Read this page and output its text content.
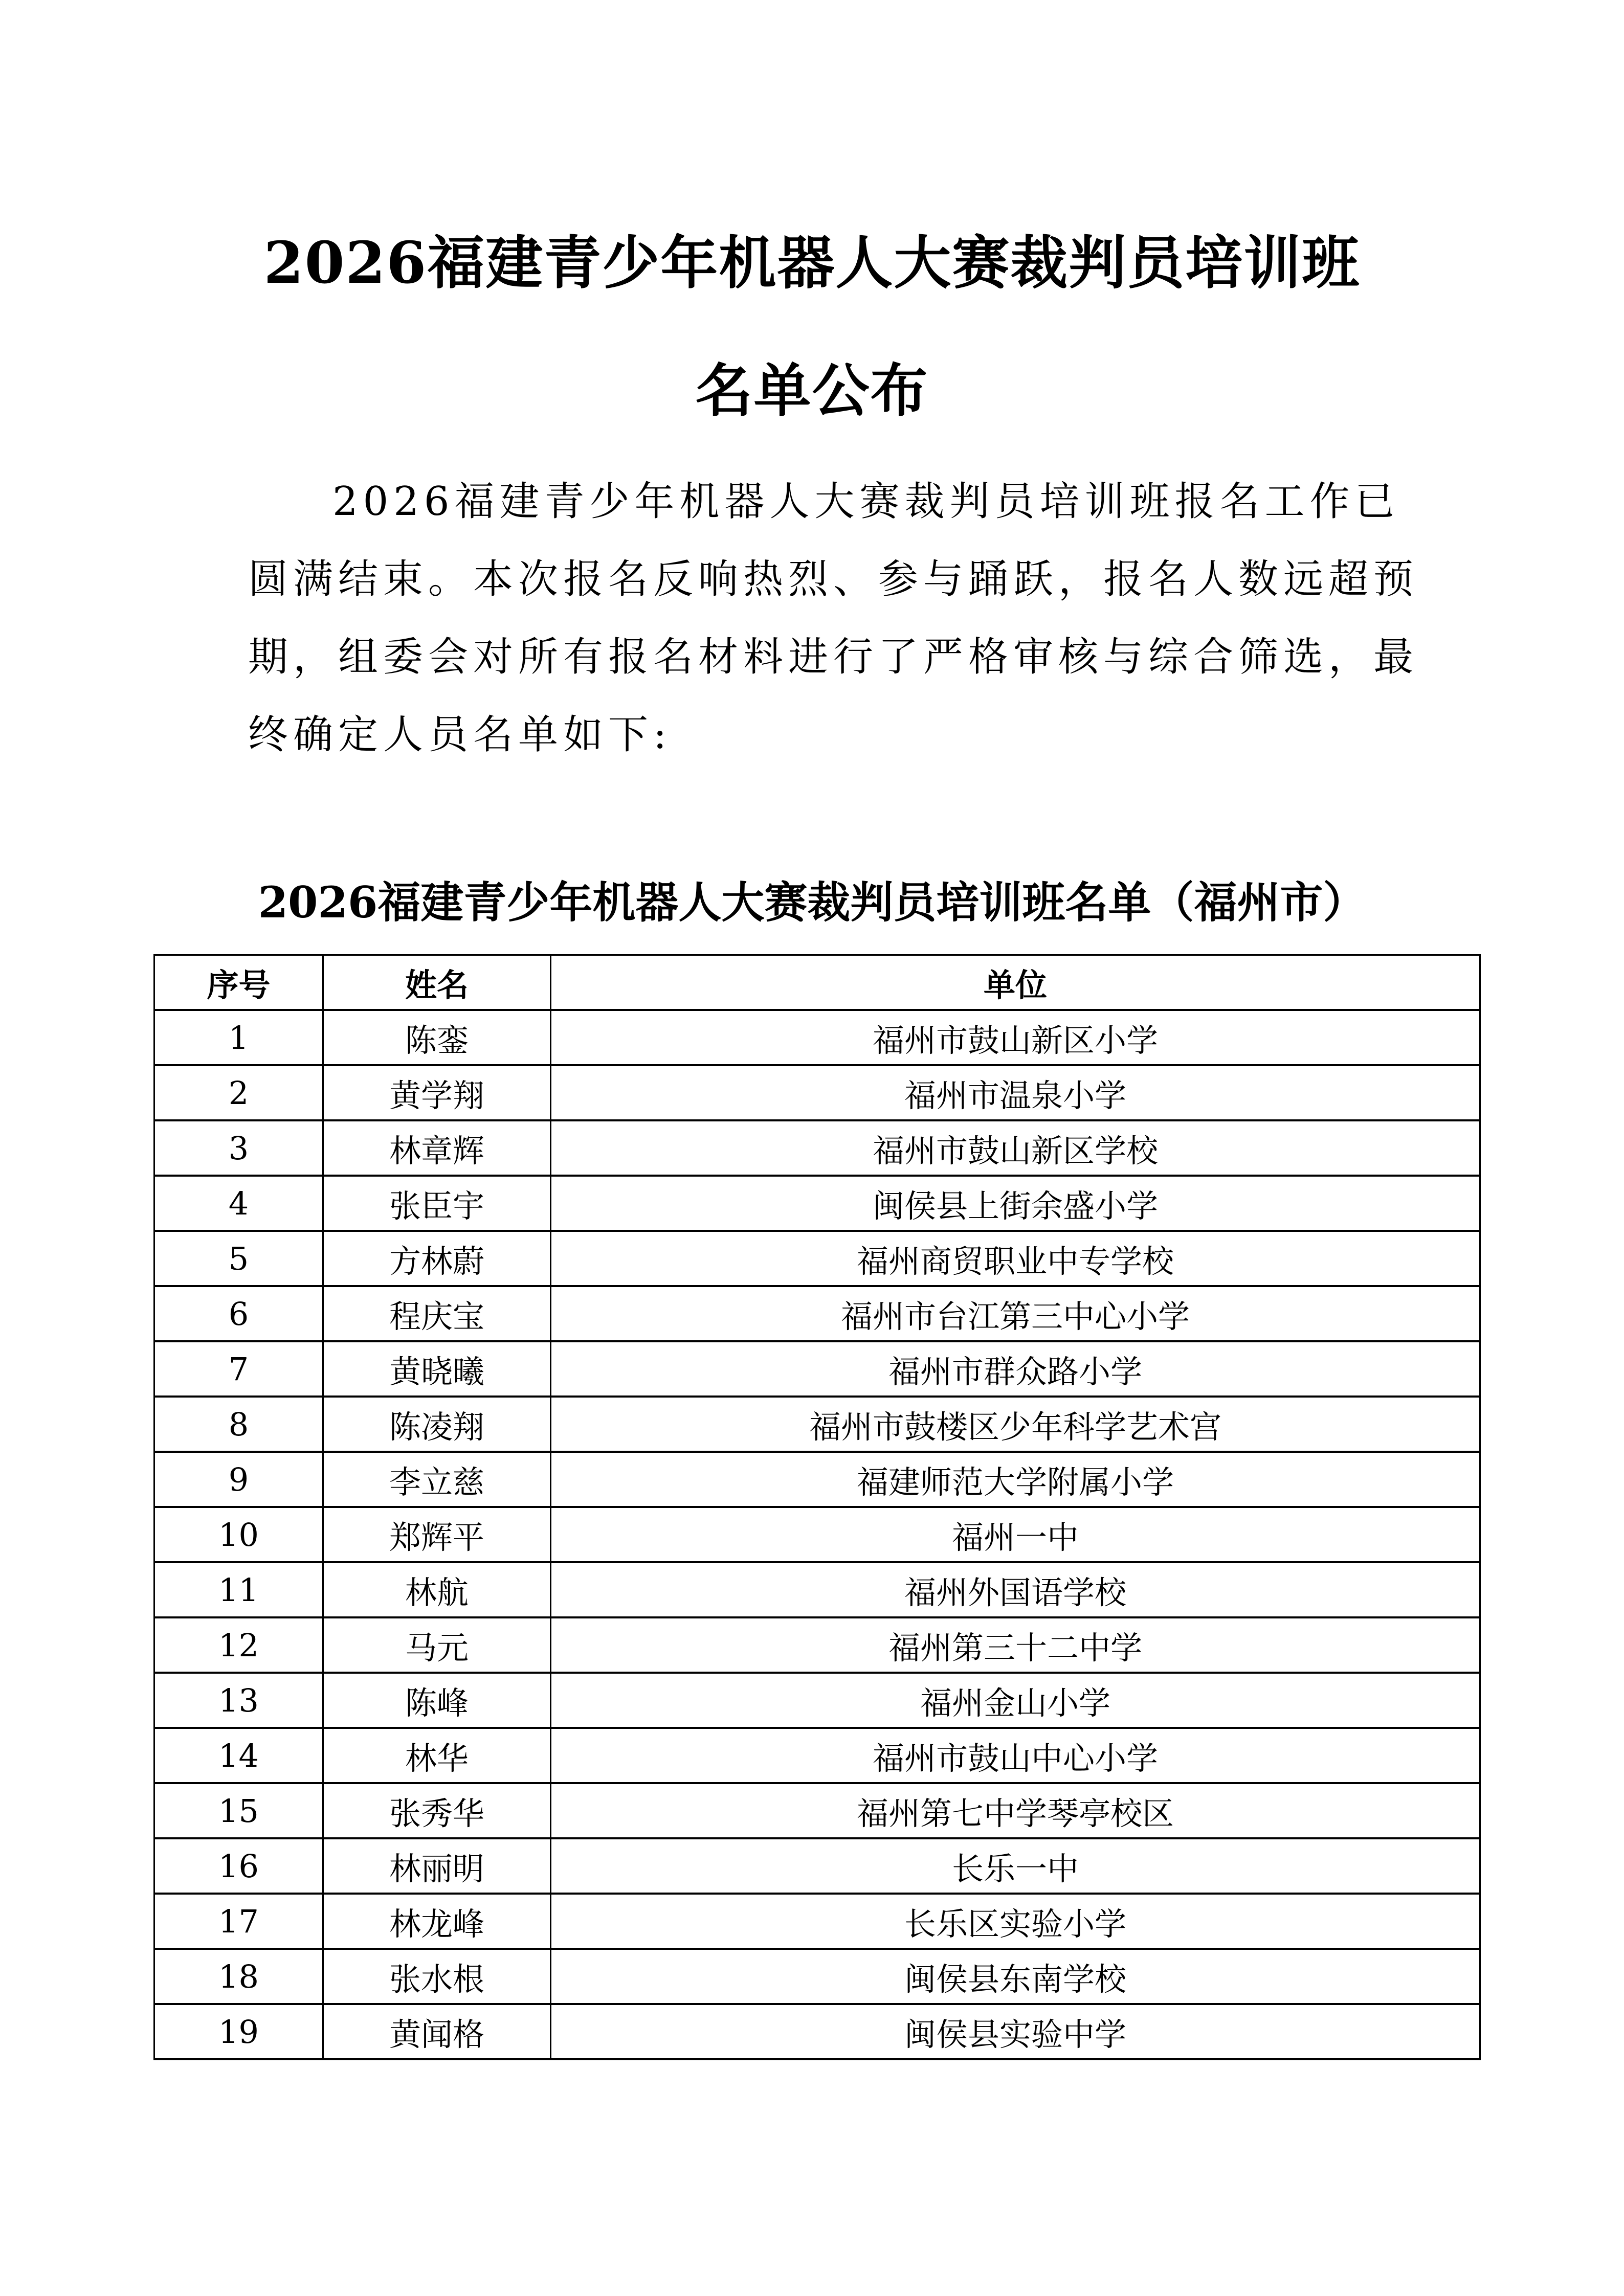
2026福建青少年机器人大赛裁判员培训班
名单公布
2026福建青少年机器人大赛裁判员培训班报名工作已
圆满结束。本次报名反响热烈、参与踊跃，报名人数远超预
期，组委会对所有报名材料进行了严格审核与综合筛选，最
终确定人员名单如下:
2026福建青少年机器人大赛裁判员培训班名单（福州市）
序号	姓名	单位
1	陈銮	福州市鼓山新区小学
2	黄学翔	福州市温泉小学
3	林章辉	福州市鼓山新区学校
4	张臣宇	闽侯县上街余盛小学
5	方林蔚	福州商贸职业中专学校
6	程庆宝	福州市台江第三中心小学
7	黄晓曦	福州市群众路小学
8	陈凌翔	福州市鼓楼区少年科学艺术宫
9	李立慈	福建师范大学附属小学
10	郑辉平	福州一中
11	林航	福州外国语学校
12	马元	福州第三十二中学
13	陈峰	福州金山小学
14	林华	福州市鼓山中心小学
15	张秀华	福州第七中学琴亭校区
16	林丽明	长乐一中
17	林龙峰	长乐区实验小学
18	张水根	闽侯县东南学校
19	黄闻格	闽侯县实验中学
